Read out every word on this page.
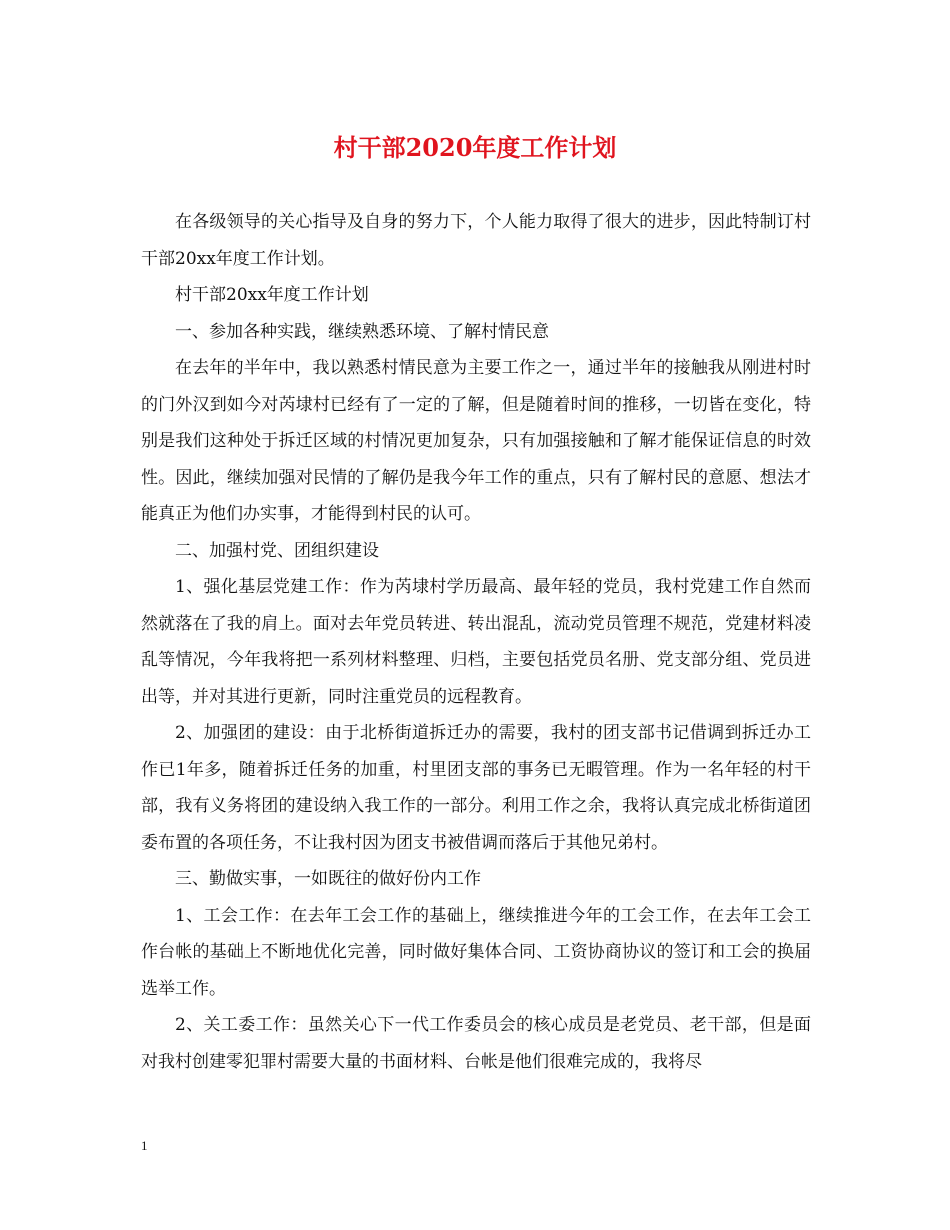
村干部2020年度工作计划

在各级领导的关心指导及自身的努力下，个人能力取得了很大的进步，因此特制订村干部20xx年度工作计划。

村干部20xx年度工作计划

一、参加各种实践，继续熟悉环境、了解村情民意

在去年的半年中，我以熟悉村情民意为主要工作之一，通过半年的接触我从刚进村时的门外汉到如今对芮埭村已经有了一定的了解，但是随着时间的推移，一切皆在变化，特别是我们这种处于拆迁区域的村情况更加复杂，只有加强接触和了解才能保证信息的时效性。因此，继续加强对民情的了解仍是我今年工作的重点，只有了解村民的意愿、想法才能真正为他们办实事，才能得到村民的认可。

二、加强村党、团组织建设

1、强化基层党建工作：作为芮埭村学历最高、最年轻的党员，我村党建工作自然而然就落在了我的肩上。面对去年党员转进、转出混乱，流动党员管理不规范，党建材料凌乱等情况，今年我将把一系列材料整理、归档，主要包括党员名册、党支部分组、党员进出等，并对其进行更新，同时注重党员的远程教育。

2、加强团的建设：由于北桥街道拆迁办的需要，我村的团支部书记借调到拆迁办工作已1年多，随着拆迁任务的加重，村里团支部的事务已无暇管理。作为一名年轻的村干部，我有义务将团的建设纳入我工作的一部分。利用工作之余，我将认真完成北桥街道团委布置的各项任务，不让我村因为团支书被借调而落后于其他兄弟村。

三、勤做实事，一如既往的做好份内工作

1、工会工作：在去年工会工作的基础上，继续推进今年的工会工作，在去年工会工作台帐的基础上不断地优化完善，同时做好集体合同、工资协商协议的签订和工会的换届选举工作。

2、关工委工作：虽然关心下一代工作委员会的核心成员是老党员、老干部，但是面对我村创建零犯罪村需要大量的书面材料、台帐是他们很难完成的，我将尽

1
